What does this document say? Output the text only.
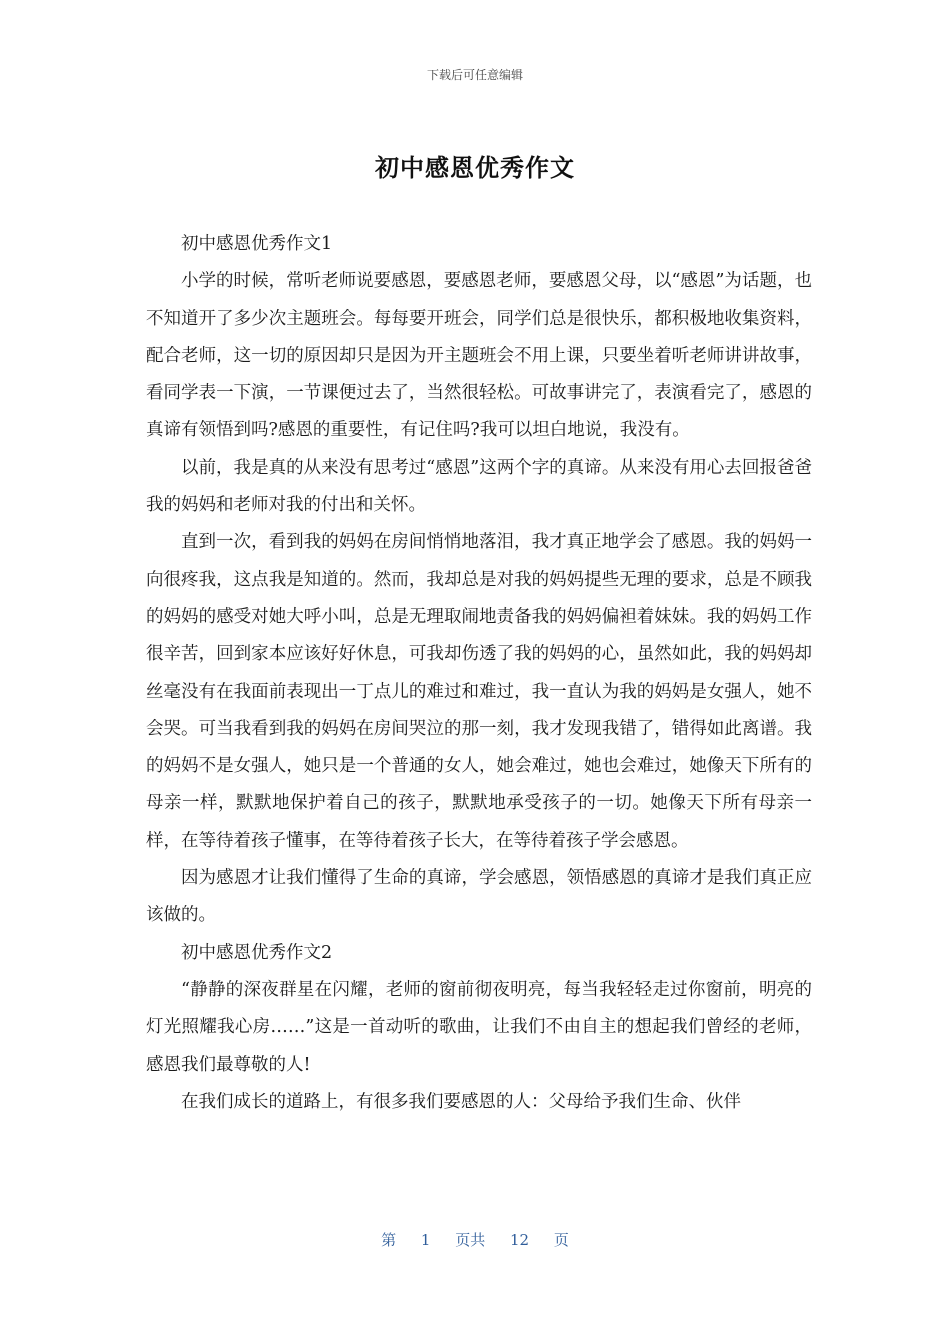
下载后可任意编辑
初中感恩优秀作文

初中感恩优秀作文1

小学的时候，常听老师说要感恩，要感恩老师，要感恩父母，以“感恩”为话题，也不知道开了多少次主题班会。每每要开班会，同学们总是很快乐，都积极地收集资料，配合老师，这一切的原因却只是因为开主题班会不用上课，只要坐着听老师讲讲故事，看同学表一下演，一节课便过去了，当然很轻松。可故事讲完了，表演看完了，感恩的真谛有领悟到吗?感恩的重要性，有记住吗?我可以坦白地说，我没有。

以前，我是真的从来没有思考过“感恩”这两个字的真谛。从来没有用心去回报爸爸我的妈妈和老师对我的付出和关怀。

直到一次，看到我的妈妈在房间悄悄地落泪，我才真正地学会了感恩。我的妈妈一向很疼我，这点我是知道的。然而，我却总是对我的妈妈提些无理的要求，总是不顾我的妈妈的感受对她大呼小叫，总是无理取闹地责备我的妈妈偏袒着妹妹。我的妈妈工作很辛苦，回到家本应该好好休息，可我却伤透了我的妈妈的心，虽然如此，我的妈妈却丝毫没有在我面前表现出一丁点儿的难过和难过，我一直认为我的妈妈是女强人，她不会哭。可当我看到我的妈妈在房间哭泣的那一刻，我才发现我错了，错得如此离谱。我的妈妈不是女强人，她只是一个普通的女人，她会难过，她也会难过，她像天下所有的母亲一样，默默地保护着自己的孩子，默默地承受孩子的一切。她像天下所有母亲一样，在等待着孩子懂事，在等待着孩子长大，在等待着孩子学会感恩。

因为感恩才让我们懂得了生命的真谛，学会感恩，领悟感恩的真谛才是我们真正应该做的。

初中感恩优秀作文2

“静静的深夜群星在闪耀，老师的窗前彻夜明亮，每当我轻轻走过你窗前，明亮的灯光照耀我心房……”这是一首动听的歌曲，让我们不由自主的想起我们曾经的老师，感恩我们最尊敬的人!

在我们成长的道路上，有很多我们要感恩的人：父母给予我们生命、伙伴

第 1 页共 12 页
